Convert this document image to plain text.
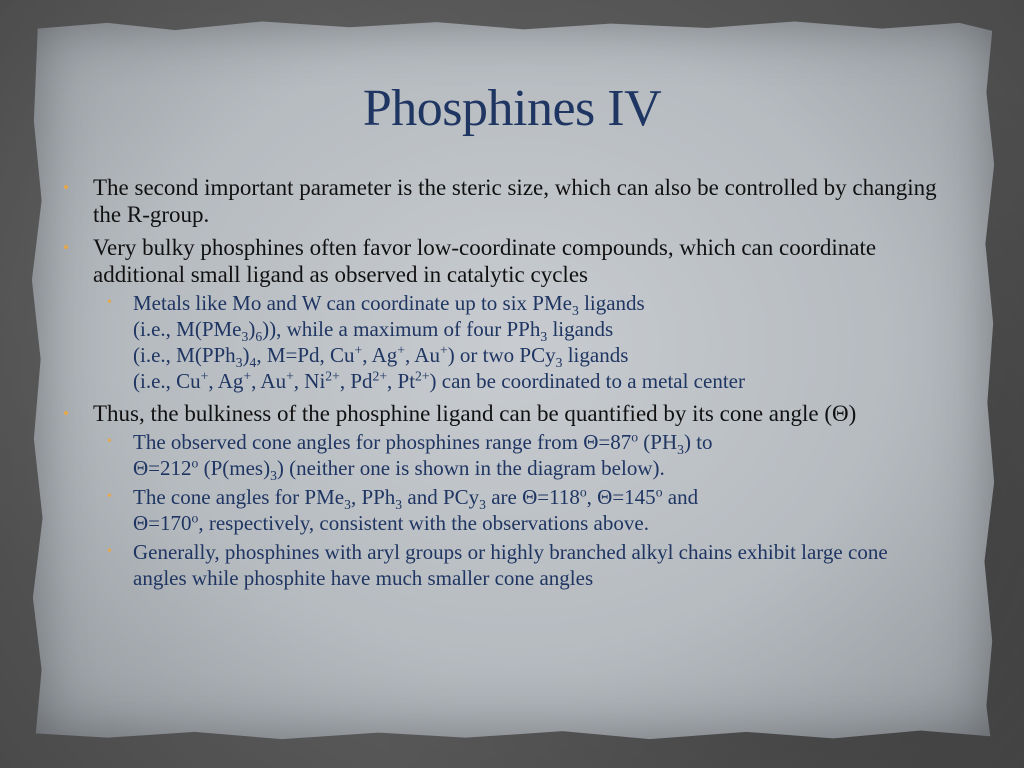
Phosphines IV
• The second important parameter is the steric size, which can also be controlled by changing the R-group.
• Very bulky phosphines often favor low-coordinate compounds, which can coordinate additional small ligand as observed in catalytic cycles
• Metals like Mo and W can coordinate up to six PMe$_3$ ligands
(i.e., $M(PMe_3)_6$)), while a maximum of four PPh$_3$ ligands
(i.e., $M(PPh_3)_4$, M=Pd, Cu+, Ag+, Au+) or two PCy$_3$ ligands
(i.e., Cu+, Ag+, Au+, $Ni^{2+}$, $Pd^{2+}$, $Pt^{2+}$) can be coordinated to a metal center
• Thus, the bulkiness of the phosphine ligand can be quantified by its cone angle (Θ)
• The observed cone angles for phosphines range from $\Theta=87^o$ $(PH_3)$ to
$\Theta=212^o$ $(P(mes)_3)$ (neither one is shown in the diagram below).
• The cone angles for PMe$_3$, PPh$_3$ and PCy$_3$ are $\Theta=118^o$, $\Theta=145^o$ and
$\Theta=170^o$, respectively, consistent with the observations above.
• Generally, phosphines with aryl groups or highly branched alkyl chains exhibit large cone angles while phosphite have much smaller cone angles
